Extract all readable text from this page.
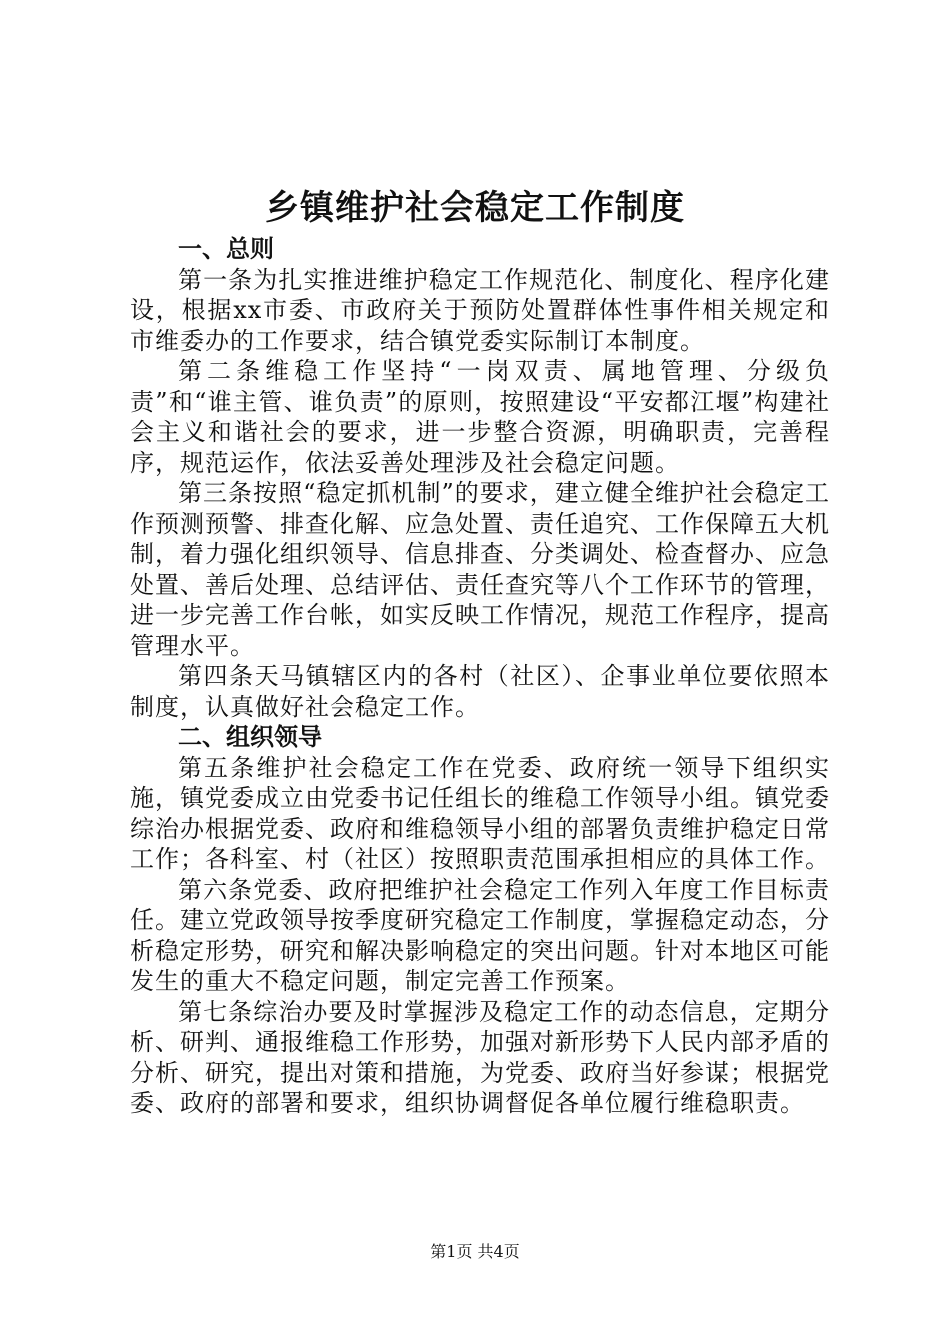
乡镇维护社会稳定工作制度

一、总则

第一条为扎实推进维护稳定工作规范化、制度化、程序化建设，根据xx市委、市政府关于预防处置群体性事件相关规定和市维委办的工作要求，结合镇党委实际制订本制度。

第二条维稳工作坚持“一岗双责、属地管理、分级负责”和“谁主管、谁负责”的原则，按照建设“平安都江堰”构建社会主义和谐社会的要求，进一步整合资源，明确职责，完善程序，规范运作，依法妥善处理涉及社会稳定问题。

第三条按照“稳定抓机制”的要求，建立健全维护社会稳定工作预测预警、排查化解、应急处置、责任追究、工作保障五大机制，着力强化组织领导、信息排查、分类调处、检查督办、应急处置、善后处理、总结评估、责任查究等八个工作环节的管理，进一步完善工作台帐，如实反映工作情况，规范工作程序，提高管理水平。

第四条天马镇辖区内的各村（社区）、企事业单位要依照本制度，认真做好社会稳定工作。

二、组织领导

第五条维护社会稳定工作在党委、政府统一领导下组织实施，镇党委成立由党委书记任组长的维稳工作领导小组。镇党委综治办根据党委、政府和维稳领导小组的部署负责维护稳定日常工作；各科室、村（社区）按照职责范围承担相应的具体工作。

第六条党委、政府把维护社会稳定工作列入年度工作目标责任。建立党政领导按季度研究稳定工作制度，掌握稳定动态，分析稳定形势，研究和解决影响稳定的突出问题。针对本地区可能发生的重大不稳定问题，制定完善工作预案。

第七条综治办要及时掌握涉及稳定工作的动态信息，定期分析、研判、通报维稳工作形势，加强对新形势下人民内部矛盾的分析、研究，提出对策和措施，为党委、政府当好参谋；根据党委、政府的部署和要求，组织协调督促各单位履行维稳职责。

第1页 共4页
